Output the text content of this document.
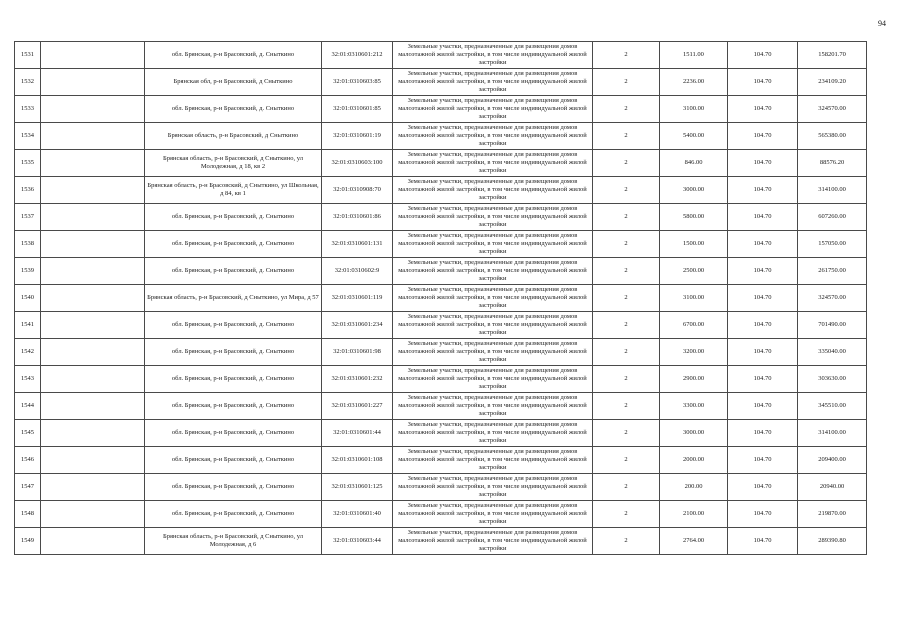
94
1531		обл. Брянская, р-н Брасовский, д. Сныткино	32:01:0310601:212	Земельные участки, предназначенные для размещения домов малоэтажной жилой застройки, в том числе индивидуальной жилой застройки	2	1511.00	104.70	158201.70
1532		Брянская обл, р-н Брасовский, д Сныткино	32:01:0310603:85	Земельные участки, предназначенные для размещения домов малоэтажной жилой застройки, в том числе индивидуальной жилой застройки	2	2236.00	104.70	234109.20
1533		обл. Брянская, р-н Брасовский, д. Сныткино	32:01:0310601:85	Земельные участки, предназначенные для размещения домов малоэтажной жилой застройки, в том числе индивидуальной жилой застройки	2	3100.00	104.70	324570.00
1534		Брянская область, р-н Брасовский, д Сныткино	32:01:0310601:19	Земельные участки, предназначенные для размещения домов малоэтажной жилой застройки, в том числе индивидуальной жилой застройки	2	5400.00	104.70	565380.00
1535		Брянская область, р-н Брасовский, д Сныткино, ул Молодежная, д 18, кв 2	32:01:0310603:100	Земельные участки, предназначенные для размещения домов малоэтажной жилой застройки, в том числе индивидуальной жилой застройки	2	846.00	104.70	88576.20
1536		Брянская область, р-н Брасовский, д Сныткино, ул Школьная, д 84, кв 1	32:01:0310908:70	Земельные участки, предназначенные для размещения домов малоэтажной жилой застройки, в том числе индивидуальной жилой застройки	2	3000.00	104.70	314100.00
1537		обл. Брянская, р-н Брасовский, д. Сныткино	32:01:0310601:86	Земельные участки, предназначенные для размещения домов малоэтажной жилой застройки, в том числе индивидуальной жилой застройки	2	5800.00	104.70	607260.00
1538		обл. Брянская, р-н Брасовский, д. Сныткино	32:01:0310601:131	Земельные участки, предназначенные для размещения домов малоэтажной жилой застройки, в том числе индивидуальной жилой застройки	2	1500.00	104.70	157050.00
1539		обл. Брянская, р-н Брасовский, д. Сныткино	32:01:0310602:9	Земельные участки, предназначенные для размещения домов малоэтажной жилой застройки, в том числе индивидуальной жилой застройки	2	2500.00	104.70	261750.00
1540		Брянская область, р-н Брасовский, д Сныткино, ул Мира, д 57	32:01:0310601:119	Земельные участки, предназначенные для размещения домов малоэтажной жилой застройки, в том числе индивидуальной жилой застройки	2	3100.00	104.70	324570.00
1541		обл. Брянская, р-н Брасовский, д. Сныткино	32:01:0310601:234	Земельные участки, предназначенные для размещения домов малоэтажной жилой застройки, в том числе индивидуальной жилой застройки	2	6700.00	104.70	701490.00
1542		обл. Брянская, р-н Брасовский, д. Сныткино	32:01:0310601:98	Земельные участки, предназначенные для размещения домов малоэтажной жилой застройки, в том числе индивидуальной жилой застройки	2	3200.00	104.70	335040.00
1543		обл. Брянская, р-н Брасовский, д. Сныткино	32:01:0310601:232	Земельные участки, предназначенные для размещения домов малоэтажной жилой застройки, в том числе индивидуальной жилой застройки	2	2900.00	104.70	303630.00
1544		обл. Брянская, р-н Брасовский, д. Сныткино	32:01:0310601:227	Земельные участки, предназначенные для размещения домов малоэтажной жилой застройки, в том числе индивидуальной жилой застройки	2	3300.00	104.70	345510.00
1545		обл. Брянская, р-н Брасовский, д. Сныткино	32:01:0310601:44	Земельные участки, предназначенные для размещения домов малоэтажной жилой застройки, в том числе индивидуальной жилой застройки	2	3000.00	104.70	314100.00
1546		обл. Брянская, р-н Брасовский, д. Сныткино	32:01:0310601:108	Земельные участки, предназначенные для размещения домов малоэтажной жилой застройки, в том числе индивидуальной жилой застройки	2	2000.00	104.70	209400.00
1547		обл. Брянская, р-н Брасовский, д. Сныткино	32:01:0310601:125	Земельные участки, предназначенные для размещения домов малоэтажной жилой застройки, в том числе индивидуальной жилой застройки	2	200.00	104.70	20940.00
1548		обл. Брянская, р-н Брасовский, д. Сныткино	32:01:0310601:40	Земельные участки, предназначенные для размещения домов малоэтажной жилой застройки, в том числе индивидуальной жилой застройки	2	2100.00	104.70	219870.00
1549		Брянская область, р-н Брасовский, д Сныткино, ул Молодежная, д 6	32:01:0310603:44	Земельные участки, предназначенные для размещения домов малоэтажной жилой застройки, в том числе индивидуальной жилой застройки	2	2764.00	104.70	289390.80
